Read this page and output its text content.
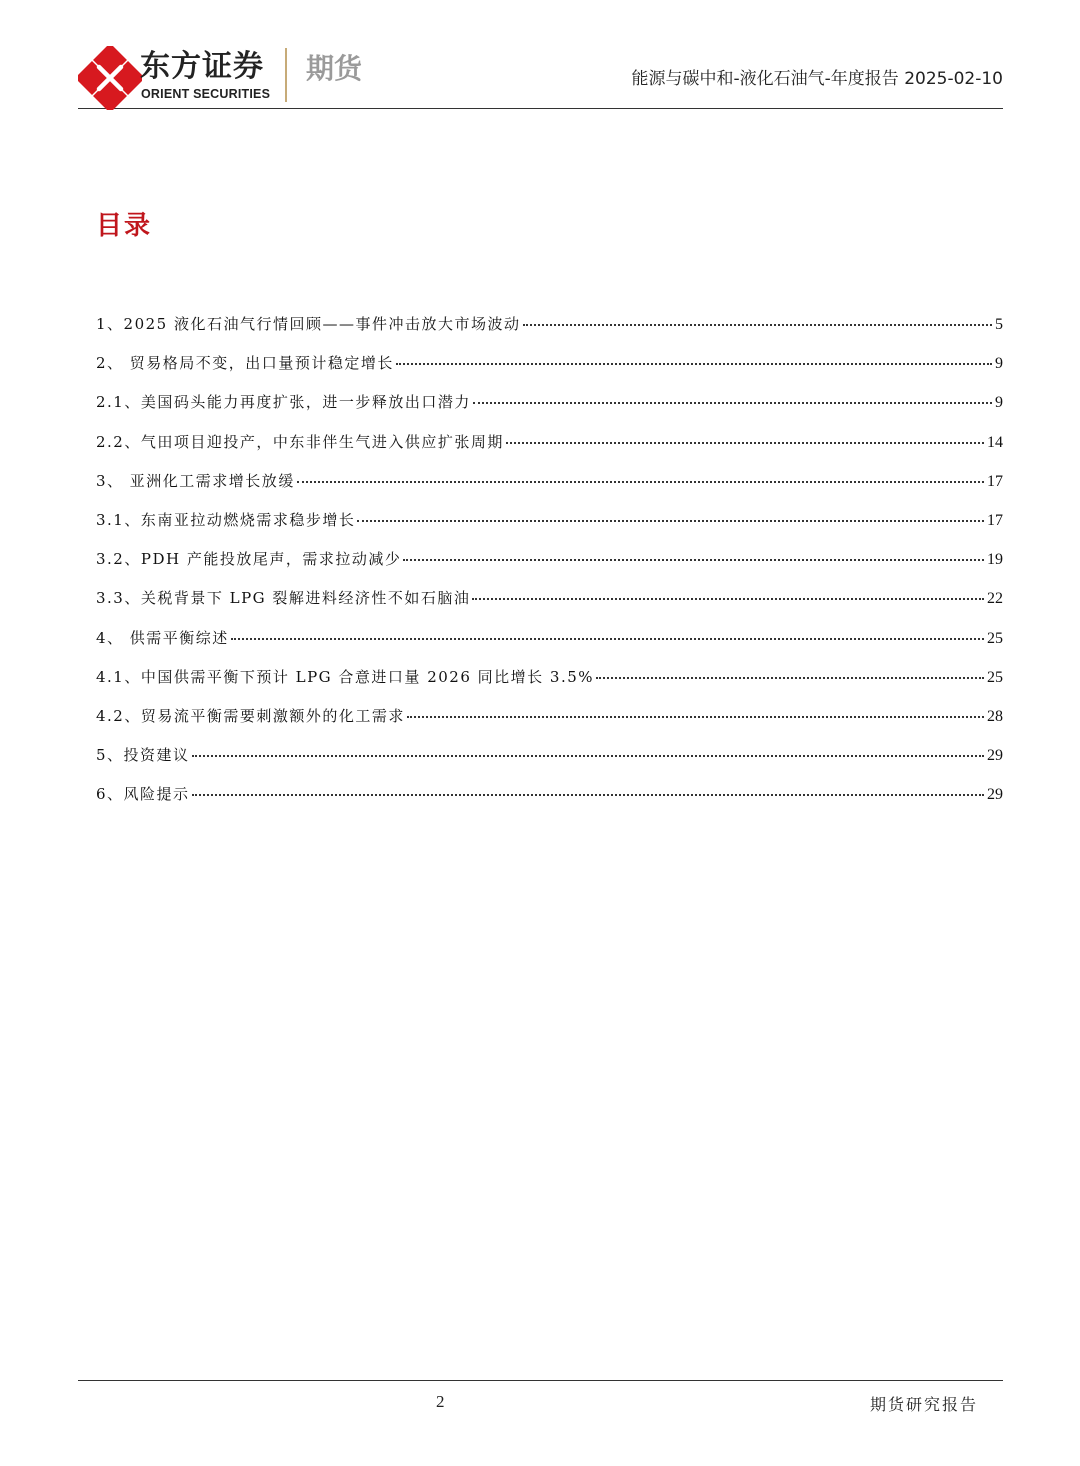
东方证券
ORIENT SECURITIES
期货	能源与碳中和-液化石油气-年度报告 2025-02-10
目录
1、2025 液化石油气行情回顾——事件冲击放大市场波动	5
2、 贸易格局不变，出口量预计稳定增长	9
2.1、美国码头能力再度扩张，进一步释放出口潜力	9
2.2、气田项目迎投产，中东非伴生气进入供应扩张周期	14
3、 亚洲化工需求增长放缓	17
3.1、东南亚拉动燃烧需求稳步增长	17
3.2、PDH 产能投放尾声，需求拉动减少	19
3.3、关税背景下 LPG 裂解进料经济性不如石脑油	22
4、 供需平衡综述	25
4.1、中国供需平衡下预计 LPG 合意进口量 2026 同比增长 3.5%	25
4.2、贸易流平衡需要刺激额外的化工需求	28
5、投资建议	29
6、风险提示	29
2	期货研究报告
